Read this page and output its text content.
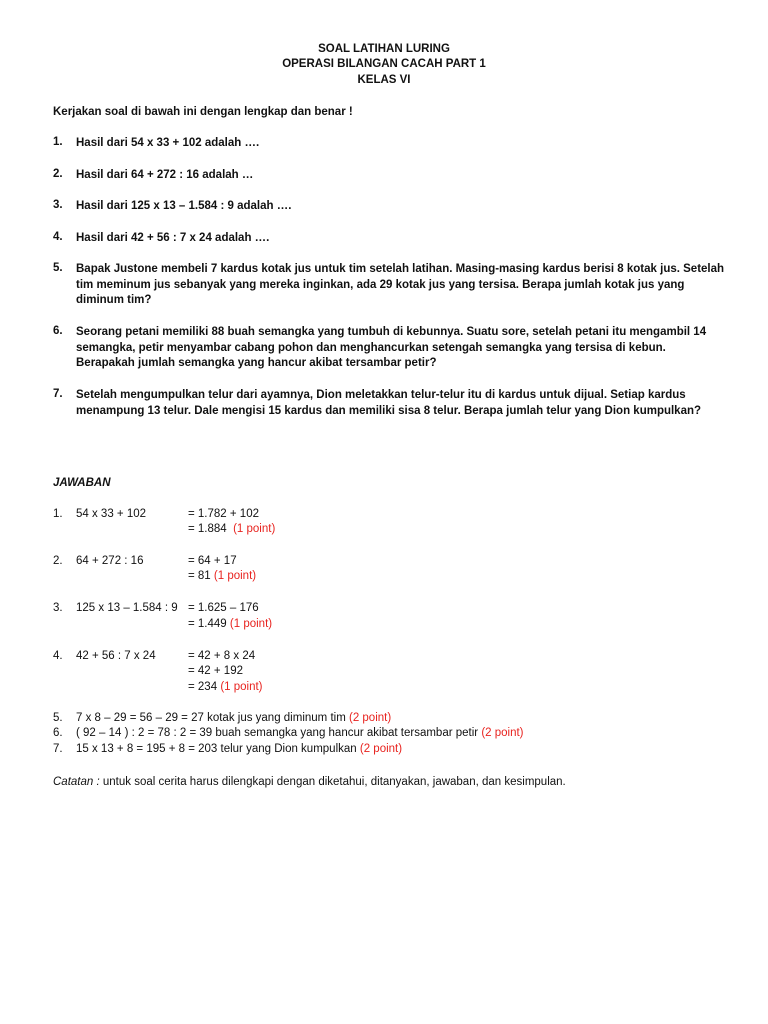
SOAL LATIHAN LURING
OPERASI BILANGAN CACAH PART 1
KELAS VI
Kerjakan soal di bawah ini dengan lengkap dan benar !
1. Hasil dari 54 x 33 + 102 adalah ….
2. Hasil dari 64 + 272 : 16 adalah …
3. Hasil dari 125 x 13 – 1.584 : 9 adalah ….
4. Hasil dari 42 + 56 : 7 x 24 adalah ….
5. Bapak Justone membeli 7 kardus kotak jus untuk tim setelah latihan. Masing-masing kardus berisi 8 kotak jus. Setelah tim meminum jus sebanyak yang mereka inginkan, ada 29 kotak jus yang tersisa. Berapa jumlah kotak jus yang diminum tim?
6. Seorang petani memiliki 88 buah semangka yang tumbuh di kebunnya. Suatu sore, setelah petani itu mengambil 14 semangka, petir menyambar cabang pohon dan menghancurkan setengah semangka yang tersisa di kebun. Berapakah jumlah semangka yang hancur akibat tersambar petir?
7. Setelah mengumpulkan telur dari ayamnya, Dion meletakkan telur-telur itu di kardus untuk dijual. Setiap kardus menampung 13 telur. Dale mengisi 15 kardus dan memiliki sisa 8 telur. Berapa jumlah telur yang Dion kumpulkan?
JAWABAN
1. 54 x 33 + 102	= 1.782 + 102
= 1.884 (1 point)
2. 64 + 272 : 16	= 64 + 17
= 81 (1 point)
3. 125 x 13 – 1.584 : 9 = 1.625 – 176
= 1.449 (1 point)
4. 42 + 56 : 7 x 24	= 42 + 8 x 24
= 42 + 192
= 234 (1 point)
5. 7 x 8 – 29 = 56 – 29 = 27 kotak jus yang diminum tim (2 point)
6. ( 92 – 14 ) : 2 = 78 : 2 = 39 buah semangka yang hancur akibat tersambar petir (2 point)
7. 15 x 13 + 8 = 195 + 8 = 203 telur yang Dion kumpulkan (2 point)
Catatan : untuk soal cerita harus dilengkapi dengan diketahui, ditanyakan, jawaban, dan kesimpulan.
